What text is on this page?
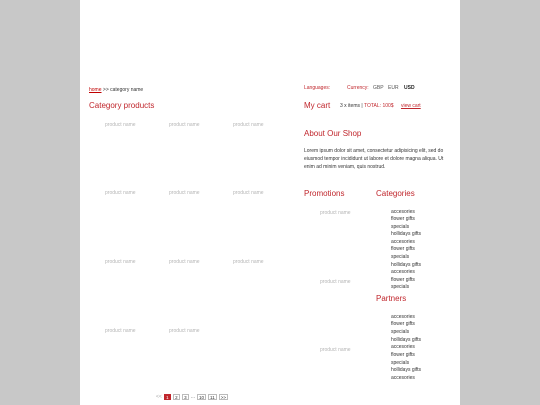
home >> category name	Languages:	Currency: GBP EUR USD
Category products
product name	product name	product name
product name	product name	product name
product name	product name	product name
product name	product name
<< 1	2	3 ... 10	11	>>
My cart 3 x items | TOTAL: 100$ view cart
About Our Shop
Lorem ipsum dolor sit amet, consectetur adipisicing elit, sed do eiusmod tempor incididunt ut labore et dolore magna aliqua. Ut enim ad minim veniam, quis nostrud.
Promotions
product name
product name
product name
Categories
accesories
flower gifts
specials
hollidays gifts
accesories
flower gifts
specials
hollidays gifts
accesories
flower gifts
specials
Partners
accesories
flower gifts
specials
hollidays gifts
accesories
flower gifts
specials
hollidays gifts
accesories
